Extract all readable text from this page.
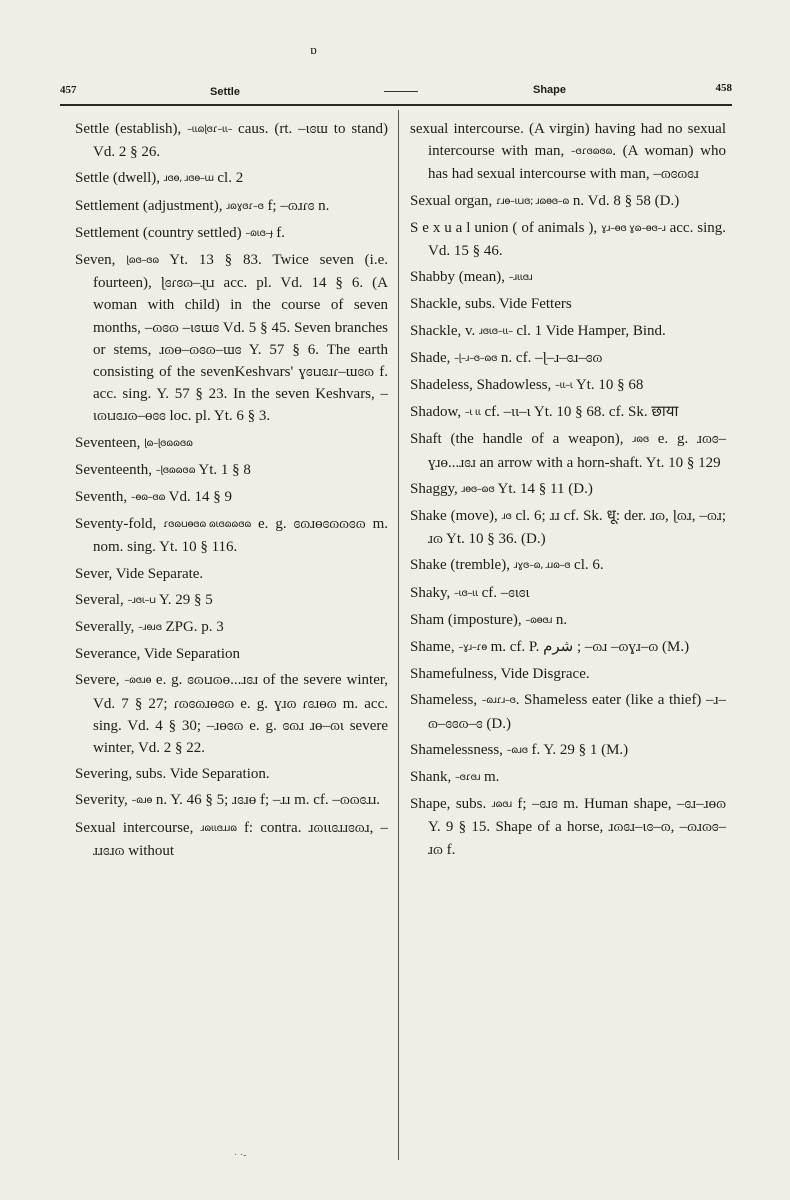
ɒ
457	Settle	Shape	458
Settle (establish), –ɩɩɷɭɞɾ–ɩɩ– caus. (rt. –ɩɞɯ to stand) Vd. 2 § 26.
Settle (dwell), ɹɞɵ, ɹɞɵ–ɯ cl. 2
Settlement (adjustment), ɹɷɣɞɾ–ɞ f; –ɷɹɾɞ n.
Settlement (country settled) –ɷɩɞ–ɟ f.
Seven, ɭɷɞ–ɞɷ Yt. 13 § 83. Twice seven (i.e. fourteen), ɭɞɾɞɷ–ɻɩɹ acc. pl. Vd. 14 § 6. (A woman with child) in the course of seven months, –ɷɞɷ –ɩɞɯɞ Vd. 5 § 45. Seven branches or stems, ɹɷɵ–ɷɞɷ–ɯɞ Y. 57 § 6. The earth consisting of the sevenKeshvars' ɣɞɩɹɞɹɾ–ɯɞɷ f. acc. sing. Y. 57 § 23. In the seven Keshvars, –ɩɷɩɹɞɹɷ–ɵɞɞ loc. pl. Yt. 6 § 3.
Seventeen, ɭɷ–ɭɞɷɷɞɷ
Seventeenth, –ɭɞɷɷɞɷ Yt. 1 § 8
Seventh, –ɵɷ–ɞɷ Vd. 14 § 9
Seventy-fold, ɾɞɷɩɹɵɞɷ ɷɩɞɷɷɞɷ e. g. ɞɷɹɵɞɷɷɞɷ m. nom. sing. Yt. 10 § 116.
Sever, Vide Separate.
Several, –ɹɞɩ–ɩɹ Y. 29 § 5
Severally, –ɹɵɹɞ ZPG. p. 3
Severance, Vide Separation
Severe, –ɷɞɹɵ e. g. ɞɷɩɹɷɵ...ɹɞɹ of the severe winter, Vd. 7 § 27; ɾɷɞɷɹɵɞɷ e. g. ɣɹɷ ɾɞɹɵɷ m. acc. sing. Vd. 4 § 30; –ɹɵɞɷ e. g. ɞɷɹ ɹɵ–ɷɩ severe winter, Vd. 2 § 22.
Severing, subs. Vide Separation.
Severity, –ɷɹɵ n. Y. 46 § 5; ɹɞɹɵ f; –ɹɹ m. cf. –ɷɷɞɹɹ.
Sexual intercourse, ɹɷɩɩɞɹɹɷ f: contra. ɹɷɩɩɞɹɹɞɷɹ, –ɹɹɞɹɷ without
sexual intercourse. (A virgin) having had no sexual intercourse with man, –ɞɾɞɷɞɷ. (A woman) who has had sexual intercourse with man, –ɷɞɷɞɹ
Sexual organ, ɾɹɵ–ɩɩɹɞ; ɹɷɵɞ–ɷ n. Vd. 8 § 58 (D.)
S e x u a l union ( of animals ), ɣɹ–ɵɞ ɣɷ–ɵɞ–ɹ acc. sing. Vd. 15 § 46.
Shabby (mean), –ɹɩɩɞɹ
Shackle, subs. Vide Fetters
Shackle, v. ɹɞɩɞ–ɩɩ– cl. 1 Vide Hamper, Bind.
Shade, –ɭ–ɹ–ɞ–ɷɞ n. cf. –ɭ–ɹ–ɞɹ–ɞɷ
Shadeless, Shadowless, –ɩɩ–ɩ Yt. 10 § 68
Shadow, –ɩ ɩɩ cf. –ɩɩ–ɩ Yt. 10 § 68. cf. Sk. छाया
Shaft (the handle of a weapon), ɹɷɞ e. g. ɹɷɞ–ɣɹɵ...ɹɞɹ an arrow with a horn-shaft. Yt. 10 § 129
Shaggy, ɹɵɞ–ɷɞ Yt. 14 § 11 (D.)
Shake (move), ɹɞ cl. 6; ɹɹ cf. Sk. धू: der. ɹɷ, ɭɷɹ, –ɷɹ; ɹɷ Yt. 10 § 36. (D.)
Shake (tremble), ɹɣɞ–ɷ, ɹɹɷ–ɞ cl. 6.
Shaky, –ɩɞ–ɩɩ cf. –ɞɩɞɩ
Sham (imposture), –ɷɵɞɹ n.
Shame, –ɣɹ–ɾɵ m. cf. P. شرم ; –ɷɹ –ɷɣɹ–ɷ (M.)
Shamefulness, Vide Disgrace.
Shameless, –ɷɹɾɹ–ɞ. Shameless eater (like a thief) –ɹ–ɷ–ɞɞɷ–ɞ (D.)
Shamelessness, –ɷɹɞ f. Y. 29 § 1 (M.)
Shank, –ɞɾɞɹ m.
Shape, subs. ɹɷɞɹ f; –ɞɹɞ m. Human shape, –ɞɹ–ɹɵɷ Y. 9 § 15. Shape of a horse, ɹɷɞɹ–ɩɞ–ɷ, –ɷɹɷɞ–ɹɷ f.
· ·-
